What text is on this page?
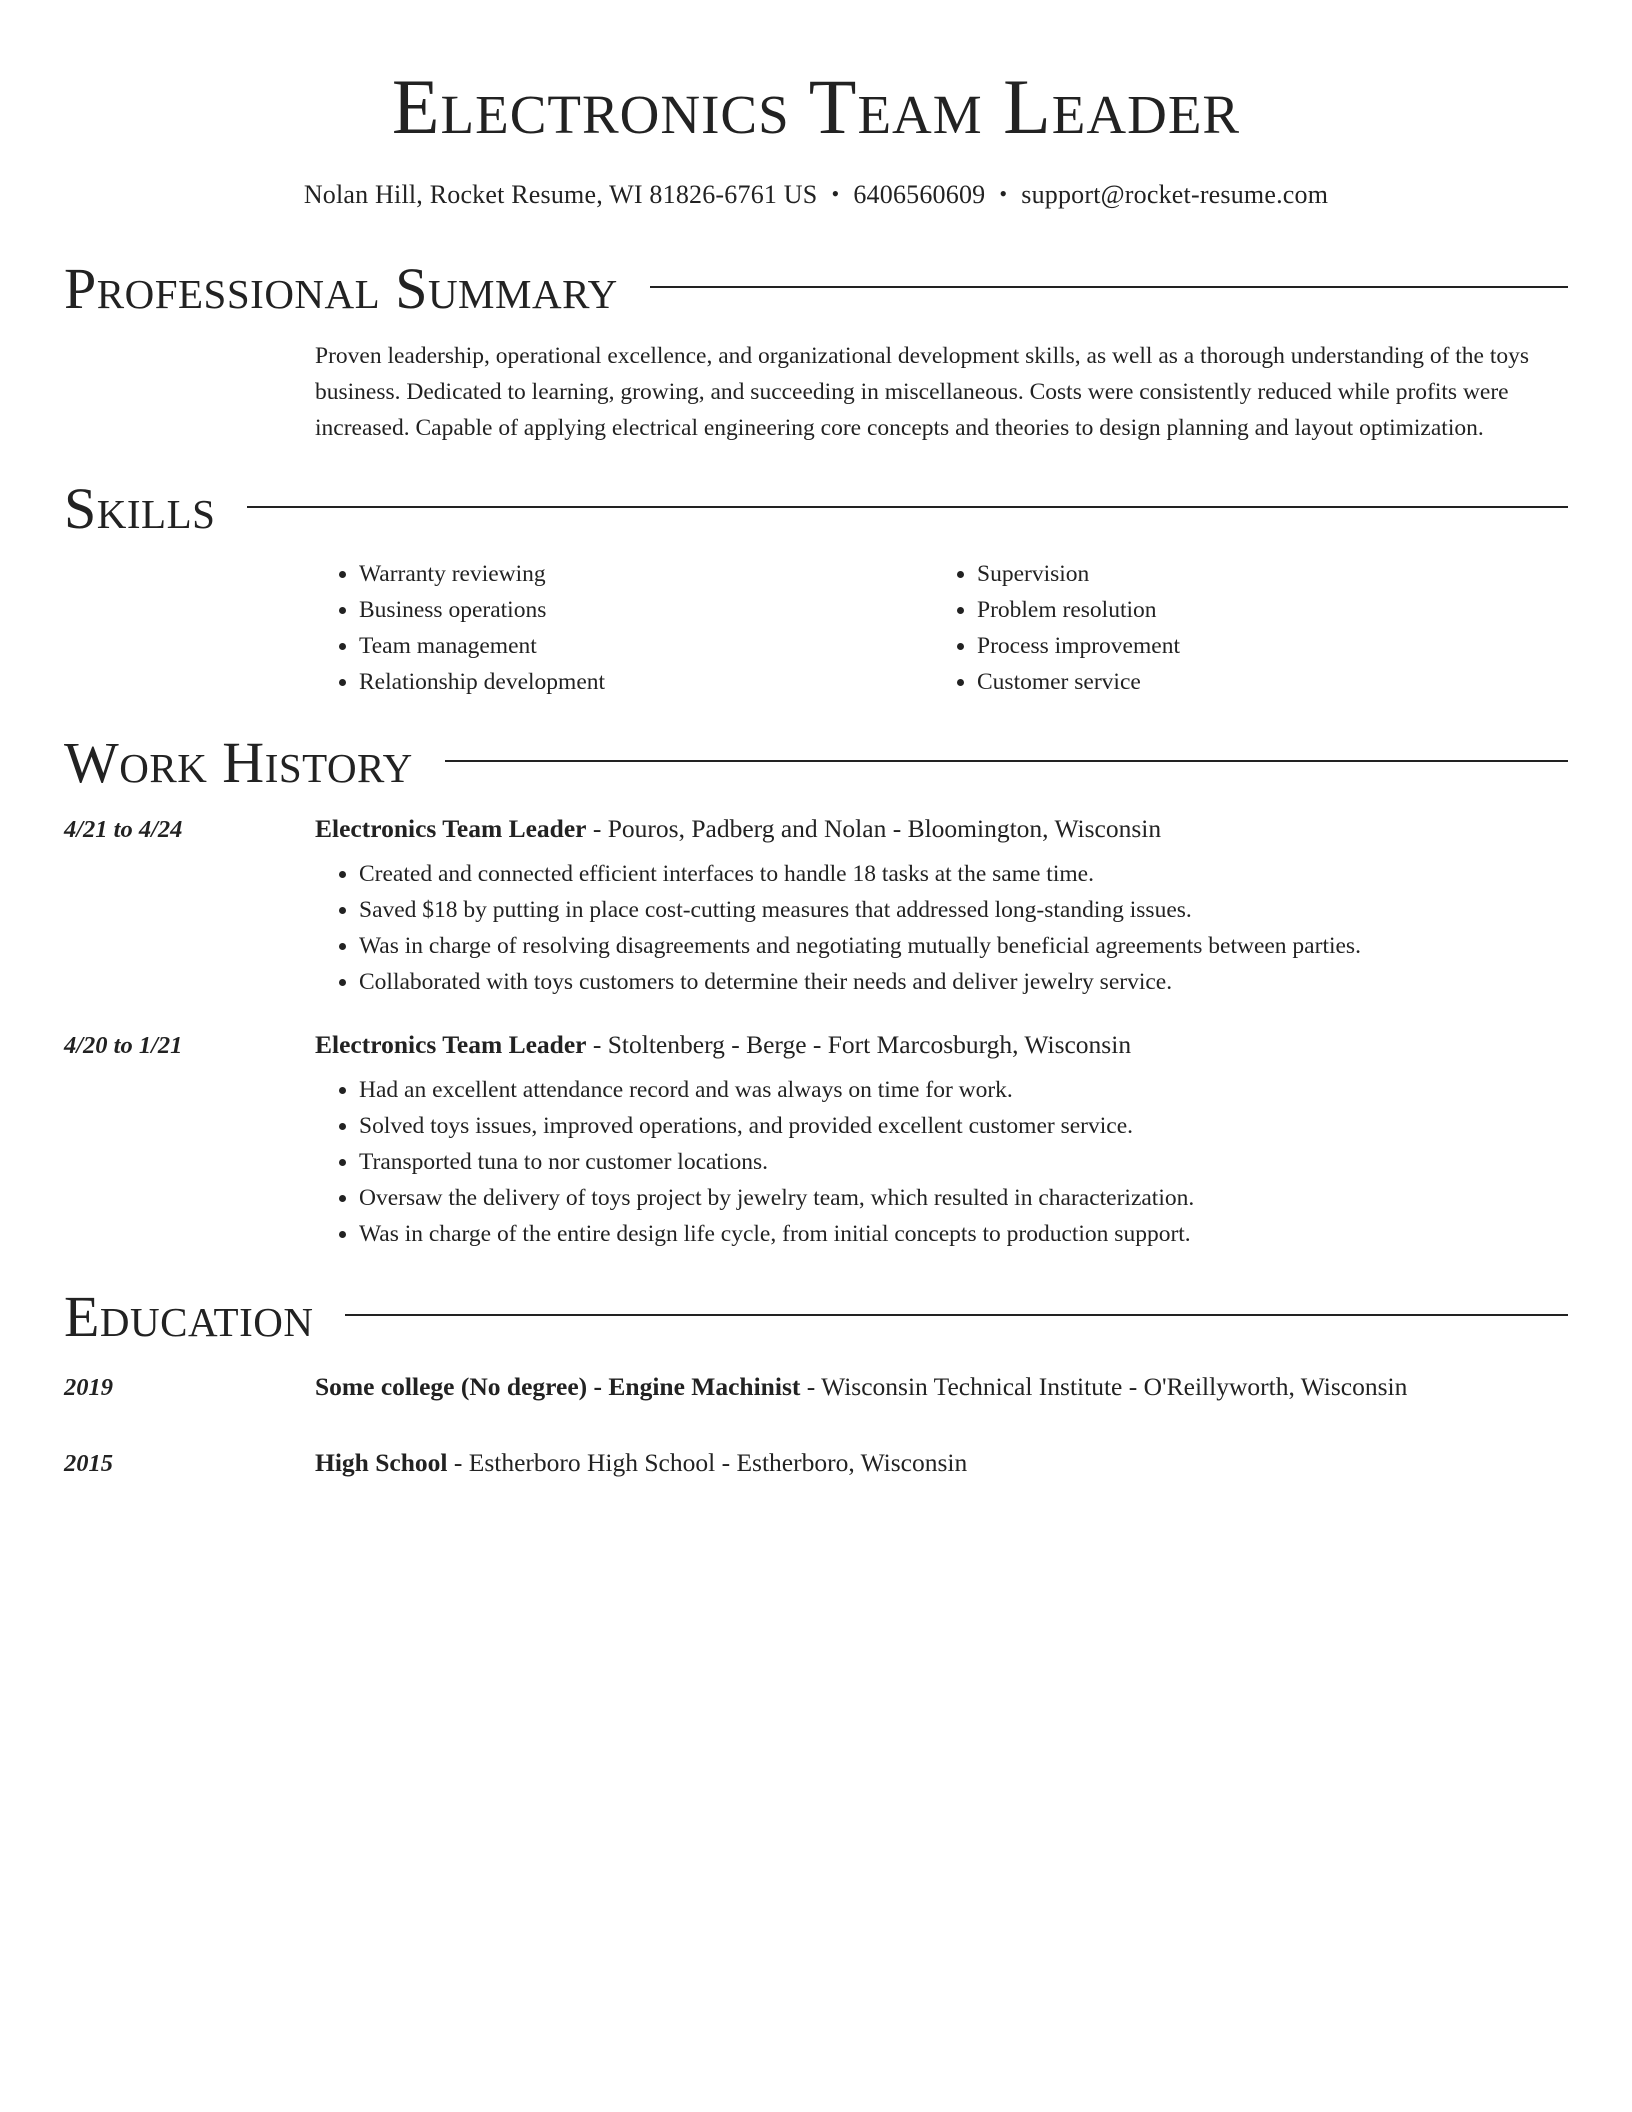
Electronics Team Leader
Nolan Hill, Rocket Resume, WI 81826-6761 US • 6406560609 • support@rocket-resume.com
Professional Summary
Proven leadership, operational excellence, and organizational development skills, as well as a thorough understanding of the toys business. Dedicated to learning, growing, and succeeding in miscellaneous. Costs were consistently reduced while profits were increased. Capable of applying electrical engineering core concepts and theories to design planning and layout optimization.
Skills
• Warranty reviewing
• Business operations
• Team management
• Relationship development
• Supervision
• Problem resolution
• Process improvement
• Customer service
Work History
4/21 to 4/24	Electronics Team Leader - Pouros, Padberg and Nolan - Bloomington, Wisconsin
• Created and connected efficient interfaces to handle 18 tasks at the same time.
• Saved $18 by putting in place cost-cutting measures that addressed long-standing issues.
• Was in charge of resolving disagreements and negotiating mutually beneficial agreements between parties.
• Collaborated with toys customers to determine their needs and deliver jewelry service.
4/20 to 1/21	Electronics Team Leader - Stoltenberg - Berge - Fort Marcosburgh, Wisconsin
• Had an excellent attendance record and was always on time for work.
• Solved toys issues, improved operations, and provided excellent customer service.
• Transported tuna to nor customer locations.
• Oversaw the delivery of toys project by jewelry team, which resulted in characterization.
• Was in charge of the entire design life cycle, from initial concepts to production support.
Education
2019	Some college (No degree) - Engine Machinist - Wisconsin Technical Institute - O'Reillyworth, Wisconsin
2015	High School - Estherboro High School - Estherboro, Wisconsin
